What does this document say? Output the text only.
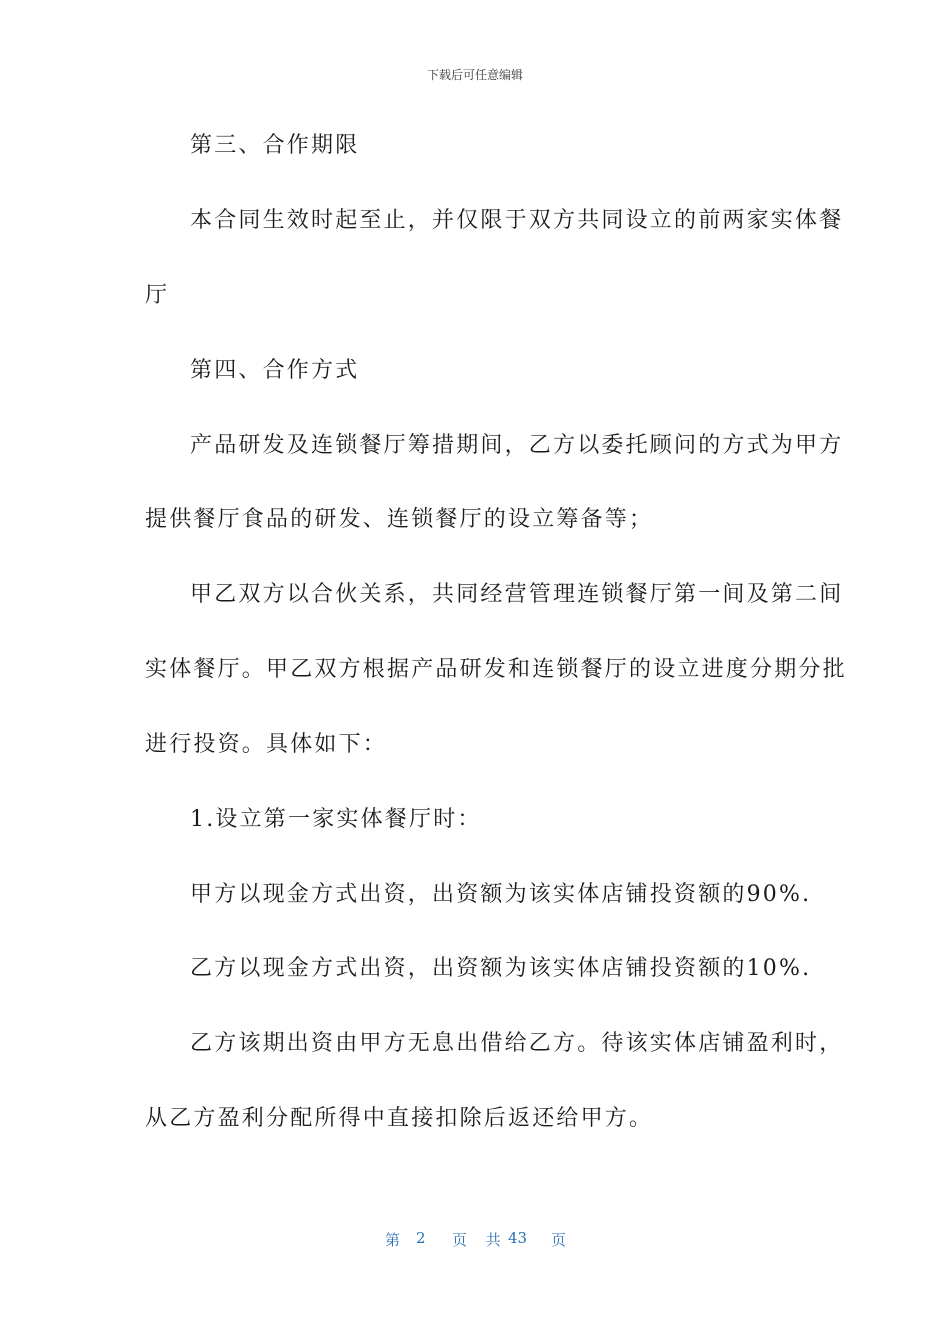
下载后可任意编辑
第三、合作期限
本合同生效时起至止，并仅限于双方共同设立的前两家实体餐
厅
第四、合作方式
产品研发及连锁餐厅筹措期间，乙方以委托顾问的方式为甲方
提供餐厅食品的研发、连锁餐厅的设立筹备等；
甲乙双方以合伙关系，共同经营管理连锁餐厅第一间及第二间
实体餐厅。甲乙双方根据产品研发和连锁餐厅的设立进度分期分批
进行投资。具体如下：
1.设立第一家实体餐厅时：
甲方以现金方式出资，出资额为该实体店铺投资额的90%.
乙方以现金方式出资，出资额为该实体店铺投资额的10%.
乙方该期出资由甲方无息出借给乙方。待该实体店铺盈利时，
从乙方盈利分配所得中直接扣除后返还给甲方。
第 2 页 共 43 页
